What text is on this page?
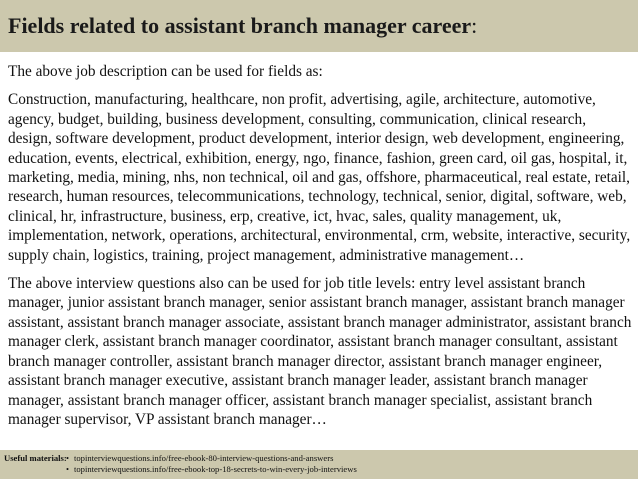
Fields related to assistant branch manager career:

The above job description can be used for fields as:

Construction, manufacturing, healthcare, non profit, advertising, agile, architecture, automotive, agency, budget, building, business development, consulting, communication, clinical research, design, software development, product development, interior design, web development, engineering, education, events, electrical, exhibition, energy, ngo, finance, fashion, green card, oil gas, hospital, it, marketing, media, mining, nhs, non technical, oil and gas, offshore, pharmaceutical, real estate, retail, research, human resources, telecommunications, technology, technical, senior, digital, software, web, clinical, hr, infrastructure, business, erp, creative, ict, hvac, sales, quality management, uk, implementation, network, operations, architectural, environmental, crm, website, interactive, security, supply chain, logistics, training, project management, administrative management…

The above interview questions also can be used for job title levels: entry level assistant branch manager, junior assistant branch manager, senior assistant branch manager, assistant branch manager assistant, assistant branch manager associate, assistant branch manager administrator, assistant branch manager clerk, assistant branch manager coordinator, assistant branch manager consultant, assistant branch manager controller, assistant branch manager director, assistant branch manager engineer, assistant branch manager executive, assistant branch manager leader, assistant branch manager manager, assistant branch manager officer, assistant branch manager specialist, assistant branch manager supervisor, VP assistant branch manager…

Useful materials: • topinterviewquestions.info/free-ebook-80-interview-questions-and-answers
• topinterviewquestions.info/free-ebook-top-18-secrets-to-win-every-job-interviews
